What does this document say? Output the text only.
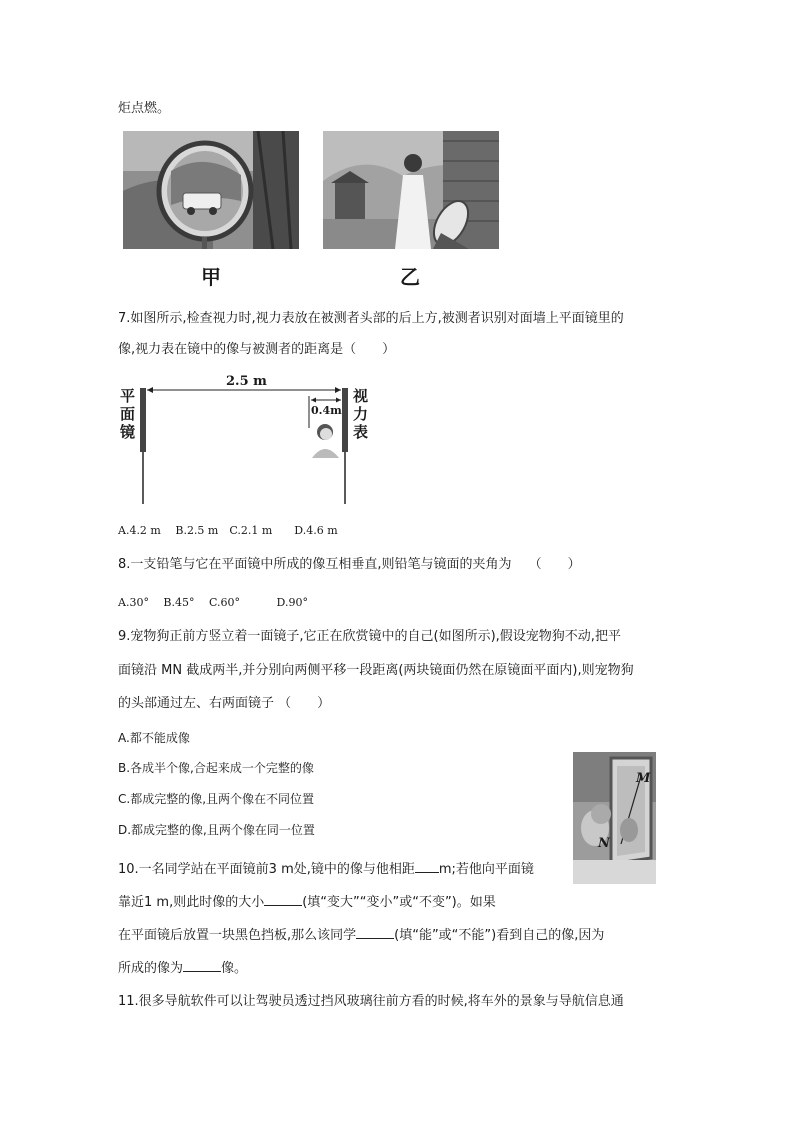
炬点燃。
甲	乙
7.如图所示,检查视力时,视力表放在被测者头部的后上方,被测者识别对面墙上平面镜里的
像,视力表在镜中的像与被测者的距离是（　　）
平
面
镜
视
力
表
2.5 m
0.4m
A.4.2 m　 B.2.5 m　C.2.1 m　　D.4.6 m
8.一支铅笔与它在平面镜中所成的像互相垂直,则铅笔与镜面的夹角为　 （　　）
A.30°　 B.45°　 C.60°　　　 D.90°
9.宠物狗正前方竖立着一面镜子,它正在欣赏镜中的自己(如图所示),假设宠物狗不动,把平
面镜沿 MN 截成两半,并分别向两侧平移一段距离(两块镜面仍然在原镜面平面内),则宠物狗
的头部通过左、右两面镜子 （　　）
A.都不能成像
B.各成半个像,合起来成一个完整的像
C.都成完整的像,且两个像在不同位置
D.都成完整的像,且两个像在同一位置
M
N
10.一名同学站在平面镜前3 m处,镜中的像与他相距 m;若他向平面镜
靠近1 m,则此时像的大小	(填“变大”“变小”或“不变”)。如果
在平面镜后放置一块黑色挡板,那么该同学	(填“能”或“不能”)看到自己的像,因为
所成的像为	像。
11.很多导航软件可以让驾驶员透过挡风玻璃往前方看的时候,将车外的景象与导航信息通
